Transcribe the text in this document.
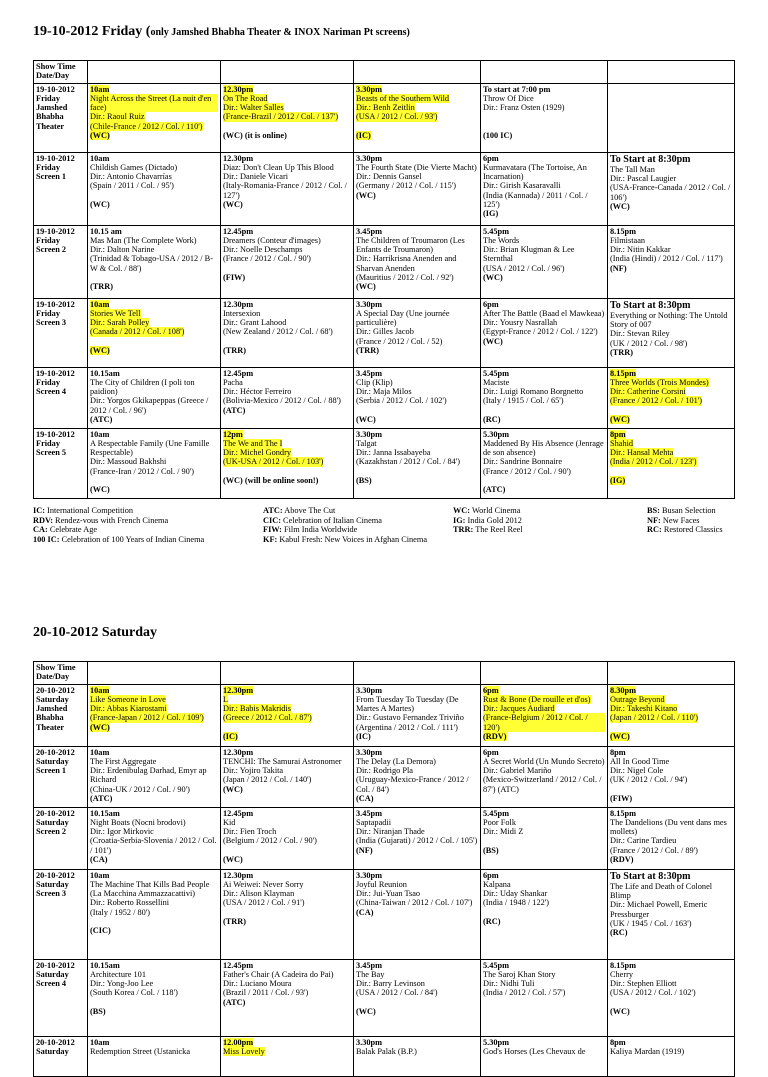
19-10-2012 Friday (only Jamshed Bhabha Theater & INOX Nariman Pt screens)
Show Time Date/Day					
19-10-2012 Friday Jamshed Bhabha Theater	10am
Night Across the Street (La nuit d'en face)
Dir.: Raoul Ruiz
(Chile-France / 2012 / Col. / 110')
(WC)	12.30pm
On The Road
Dir.: Walter Salles
(France-Brazil / 2012 / Col. / 137')

(WC) (it is online)	3.30pm
Beasts of the Southern Wild
Dir.: Benh Zeitlin
(USA / 2012 / Col. / 93')

(IC)	To start at 7:00 pm
Throw Of Dice
Dir.: Franz Osten (1929)

(100 IC)	

19-10-2012 Friday Screen 1	10am
Childish Games (Dictado)
Dir.: Antonio Chavarrías
(Spain / 2011 / Col. / 95')

(WC)	12.30pm
Diaz: Don't Clean Up This Blood
Dir.: Daniele Vicari
(Italy-Romania-France / 2012 / Col. / 127')
(WC)	3.30pm
The Fourth State (Die Vierte Macht)
Dir.: Dennis Gansel
(Germany / 2012 / Col. / 115')
(WC)	6pm
Kurmavatara (The Tortoise, An Incarnation)
Dir.: Girish Kasaravalli
(India (Kannada) / 2011 / Col. / 125')
(IG)	To Start at 8:30pm
The Tall Man
Dir.: Pascal Laugier
(USA-France-Canada / 2012 / Col. / 106')
(WC)

19-10-2012 Friday Screen 2	10.15 am
Mas Man (The Complete Work)
Dir.: Dalton Narine
(Trinidad & Tobago-USA / 2012 / B-W & Col. / 88')

(TRR)	12.45pm
Dreamers (Conteur d'images)
Dir.: Noelle Deschamps
(France / 2012 / Col. / 90')

(FIW)	3.45pm
The Children of Troumaron (Les Enfants de Troumaron)
Dir.: Harrikrisna Anenden and Sharvan Anenden
(Mauritius / 2012 / Col. / 92')
(WC)	5.45pm
The Words
Dir.: Brian Klugman & Lee Sternthal
(USA / 2012 / Col. / 96')
(WC)	8.15pm
Filmistaan
Dir.: Nitin Kakkar
(India (Hindi) / 2012 / Col. / 117')
(NF)

19-10-2012 Friday Screen 3	10am
Stories We Tell
Dir.: Sarah Polley
(Canada / 2012 / Col. / 108')

(WC)	12.30pm
Intersexion
Dir.: Grant Lahood
(New Zealand / 2012 / Col. / 68')

(TRR)	3.30pm
A Special Day (Une journée particulière)
Dir.: Gilles Jacob
(France / 2012 / Col. / 52)
(TRR)	6pm
After The Battle (Baad el Mawkeaa)
Dir.: Yousry Nasrallah
(Egypt-France / 2012 / Col. / 122')
(WC)	To Start at 8:30pm
Everything or Nothing: The Untold Story of 007
Dir.: Stevan Riley
(UK / 2012 / Col. / 98')
(TRR)

19-10-2012 Friday Screen 4	10.15am
The City of Children (I poli ton paidion)
Dir.: Yorgos Gkikapeppas (Greece / 2012 / Col. / 96')
(ATC)	12.45pm
Pacha
Dir.: Héctor Ferreiro
(Bolivia-Mexico / 2012 / Col. / 88')
(ATC)	3.45pm
Clip (Klip)
Dir.: Maja Milos
(Serbia / 2012 / Col. / 102')

(WC)	5.45pm
Maciste
Dir.: Luigi Romano Borgnetto
(Italy / 1915 / Col. / 65')

(RC)	8.15pm
Three Worlds (Trois Mondes)
Dir.: Catherine Corsini
(France / 2012 / Col. / 101')

(WC)

19-10-2012 Friday Screen 5	10am
A Respectable Family (Une Famille Respectable)
Dir.: Massoud Bakhshi
(France-Iran / 2012 / Col. / 90')

(WC)	12pm
The We and The I
Dir.: Michel Gondry
(UK-USA / 2012 / Col. / 103')

(WC) (will be online soon!)	3.30pm
Talgat
Dir.: Janna Issabayeba
(Kazakhstan / 2012 / Col. / 84')

(BS)	5.30pm
Maddened By His Absence (Jenrage de son absence)
Dir.: Sandrine Bonnaire
(France / 2012 / Col. / 90')

(ATC)	8pm
Shahid
Dir.: Hansal Mehta
(India / 2012 / Col. / 123')

(IG)
IC: International Competition
RDV: Rendez-vous with French Cinema
CA: Celebrate Age
100 IC: Celebration of 100 Years of Indian Cinema
ATC: Above The Cut
CIC: Celebration of Italian Cinema
FIW: Film India Worldwide
KF: Kabul Fresh: New Voices in Afghan Cinema
WC: World Cinema
IG: India Gold 2012
TRR: The Reel Reel
BS: Busan Selection
NF: New Faces
RC: Restored Classics
20-10-2012 Saturday
Show Time Date/Day					
20-10-2012 Saturday Jamshed Bhabha Theater	10am
Like Someone in Love
Dir.: Abbas Kiarostami
(France-Japan / 2012 / Col. / 109')
(WC)	12.30pm
L
Dir.: Babis Makridis
(Greece / 2012 / Col. / 87')

(IC)	3.30pm
From Tuesday To Tuesday (De Martes A Martes)
Dir.: Gustavo Fernandez Triviño
(Argentina / 2012 / Col. / 111')
(IC)	6pm
Rust & Bone (De rouille et d'os)
Dir.: Jacques Audiard
(France-Belgium / 2012 / Col. / 120')
(RDV)	8.30pm
Outrage Beyond
Dir.: Takeshi Kitano
(Japan / 2012 / Col. / 110')

(WC)

20-10-2012 Saturday Screen 1	10am
The First Aggregate
Dir.: Erdenibulag Darhad, Emyr ap Richard
(China-UK / 2012 / Col. / 90')
(ATC)	12.30pm
TENCHI: The Samurai Astronomer
Dir.: Yojiro Takita
(Japan / 2012 / Col. / 140')
(WC)	3.30pm
The Delay (La Demora)
Dir.: Rodrigo Pla
(Uruguay-Mexico-France / 2012 / Col. / 84')
(CA)	6pm
A Secret World (Un Mundo Secreto)
Dir.: Gabriel Mariño
(Mexico-Switzerland / 2012 / Col. / 87') (ATC)	8pm
All In Good Time
Dir.: Nigel Cole
(UK / 2012 / Col. / 94')

(FIW)

20-10-2012 Saturday Screen 2	10.15am
Night Boats (Nocni brodovi)
Dir.: Igor Mirkovic
(Croatia-Serbia-Slovenia / 2012 / Col. / 101')
(CA)	12.45pm
Kid
Dir.: Fien Troch
(Belgium / 2012 / Col. / 90')

(WC)	3.45pm
Saptapadii
Dir.: Niranjan Thade
(India (Gujarati) / 2012 / Col. / 105')
(NF)	5.45pm
Poor Folk
Dir.: Midi Z

(BS)	8.15pm
The Dandelions (Du vent dans mes mollets)
Dir.: Carine Tardieu
(France / 2012 / Col. / 89')
(RDV)

20-10-2012 Saturday Screen 3	10am
The Machine That Kills Bad People (La Macchina Ammazzacattivi)
Dir.: Roberto Rossellini
(Italy / 1952 / 80')

(CIC)	12.30pm
Ai Weiwei: Never Sorry
Dir.: Alison Klayman
(USA / 2012 / Col. / 91')

(TRR)	3.30pm
Joyful Reunion
Dir.: Jui-Yuan Tsao
(China-Taiwan / 2012 / Col. / 107')
(CA)	6pm
Kalpana
Dir.: Uday Shankar
(India / 1948 / 122')

(RC)	To Start at 8:30pm
The Life and Death of Colonel Blimp
Dir.: Michael Powell, Emeric Pressburger
(UK / 1945 / Col. / 163')
(RC)

20-10-2012 Saturday Screen 4	10.15am
Architecture 101
Dir.: Yong-Joo Lee
(South Korea / Col. / 118')

(BS)	12.45pm
Father's Chair (A Cadeira do Pai)
Dir.: Luciano Moura
(Brazil / 2011 / Col. / 93')
(ATC)	3.45pm
The Bay
Dir.: Barry Levinson
(USA / 2012 / Col. / 84')

(WC)	5.45pm
The Saroj Khan Story
Dir.: Nidhi Tuli
(India / 2012 / Col. / 57')	8.15pm
Cherry
Dir.: Stephen Elliott
(USA / 2012 / Col. / 102')

(WC)

20-10-2012 Saturday	10am
Redemption Street (Ustanicka	12.00pm
Miss Lovely	3.30pm
Balak Palak (B.P.)	5.30pm
God's Horses (Les Chevaux de	8pm
Kaliya Mardan (1919)
